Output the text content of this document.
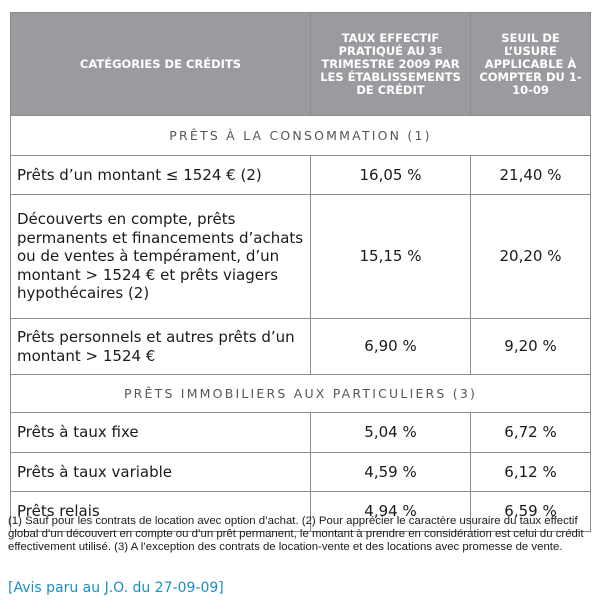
CATÉGORIES DE CRÉDITS	TAUX EFFECTIF PRATIQUÉ AU $3^E$ TRIMESTRE 2009 PAR LES ÉTABLISSEMENTS DE CRÉDIT	SEUIL DE L’USURE APPLICABLE À COMPTER DU 1-10-09
PRÊTS À LA CONSOMMATION (1)		
Prêts d’un montant ≤ 1524 € (2)	16,05 %	21,40 %
Découverts en compte, prêts permanents et financements d’achats ou de ventes à tempérament, d’un montant > 1524 € et prêts viagers hypothécaires (2)	15,15 %	20,20 %
Prêts personnels et autres prêts d’un montant > 1524 €	6,90 %	9,20 %
PRÊTS IMMOBILIERS AUX PARTICULIERS (3)		
Prêts à taux fixe	5,04 %	6,72 %
Prêts à taux variable	4,59 %	6,12 %
Prêts relais	4,94 %	6,59 %
(1) Sauf pour les contrats de location avec option d’achat. (2) Pour apprécier le caractère usuraire du taux effectif global d’un découvert en compte ou d’un prêt permanent, le montant à prendre en considération est celui du crédit effectivement utilisé. (3) A l’exception des contrats de location-vente et des locations avec promesse de vente.
[Avis paru au J.O. du 27-09-09]
